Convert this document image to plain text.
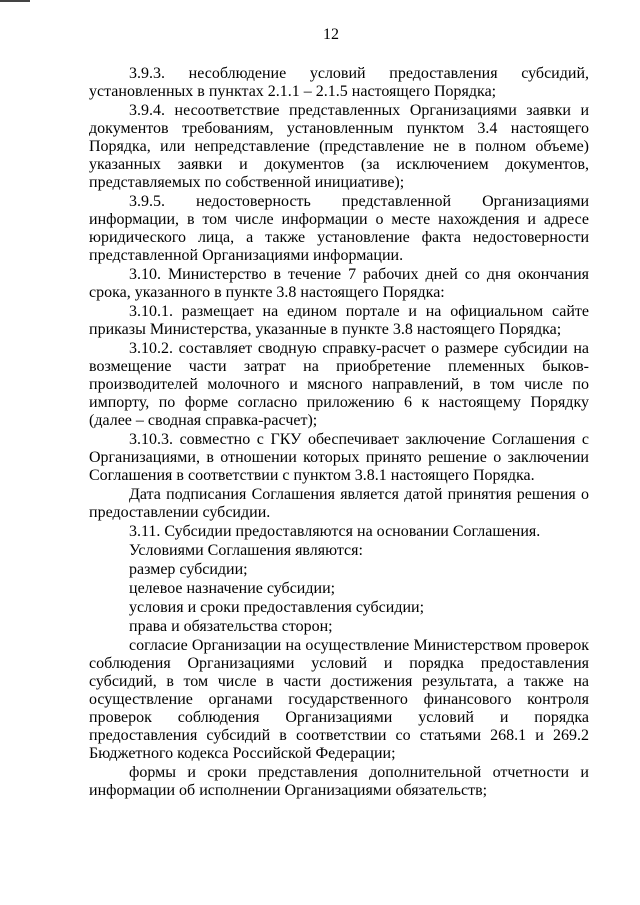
12

3.9.3. несоблюдение условий предоставления субсидий, установленных в пунктах 2.1.1 – 2.1.5 настоящего Порядка;

3.9.4. несоответствие представленных Организациями заявки и документов требованиям, установленным пунктом 3.4 настоящего Порядка, или непредставление (представление не в полном объеме) указанных заявки и документов (за исключением документов, представляемых по собственной инициативе);

3.9.5. недостоверность представленной Организациями информации, в том числе информации о месте нахождения и адресе юридического лица, а также установление факта недостоверности представленной Организациями информации.

3.10. Министерство в течение 7 рабочих дней со дня окончания срока, указанного в пункте 3.8 настоящего Порядка:

3.10.1. размещает на едином портале и на официальном сайте приказы Министерства, указанные в пункте 3.8 настоящего Порядка;

3.10.2. составляет сводную справку-расчет о размере субсидии на возмещение части затрат на приобретение племенных быков-производителей молочного и мясного направлений, в том числе по импорту, по форме согласно приложению 6 к настоящему Порядку (далее – сводная справка-расчет);

3.10.3. совместно с ГКУ обеспечивает заключение Соглашения с Организациями, в отношении которых принято решение о заключении Соглашения в соответствии с пунктом 3.8.1 настоящего Порядка.

Дата подписания Соглашения является датой принятия решения о предоставлении субсидии.

3.11. Субсидии предоставляются на основании Соглашения.

Условиями Соглашения являются:

размер субсидии;

целевое назначение субсидии;

условия и сроки предоставления субсидии;

права и обязательства сторон;

согласие Организации на осуществление Министерством проверок соблюдения Организациями условий и порядка предоставления субсидий, в том числе в части достижения результата, а также на осуществление органами государственного финансового контроля проверок соблюдения Организациями условий и порядка предоставления субсидий в соответствии со статьями 268.1 и 269.2 Бюджетного кодекса Российской Федерации;

формы и сроки представления дополнительной отчетности и информации об исполнении Организациями обязательств;
